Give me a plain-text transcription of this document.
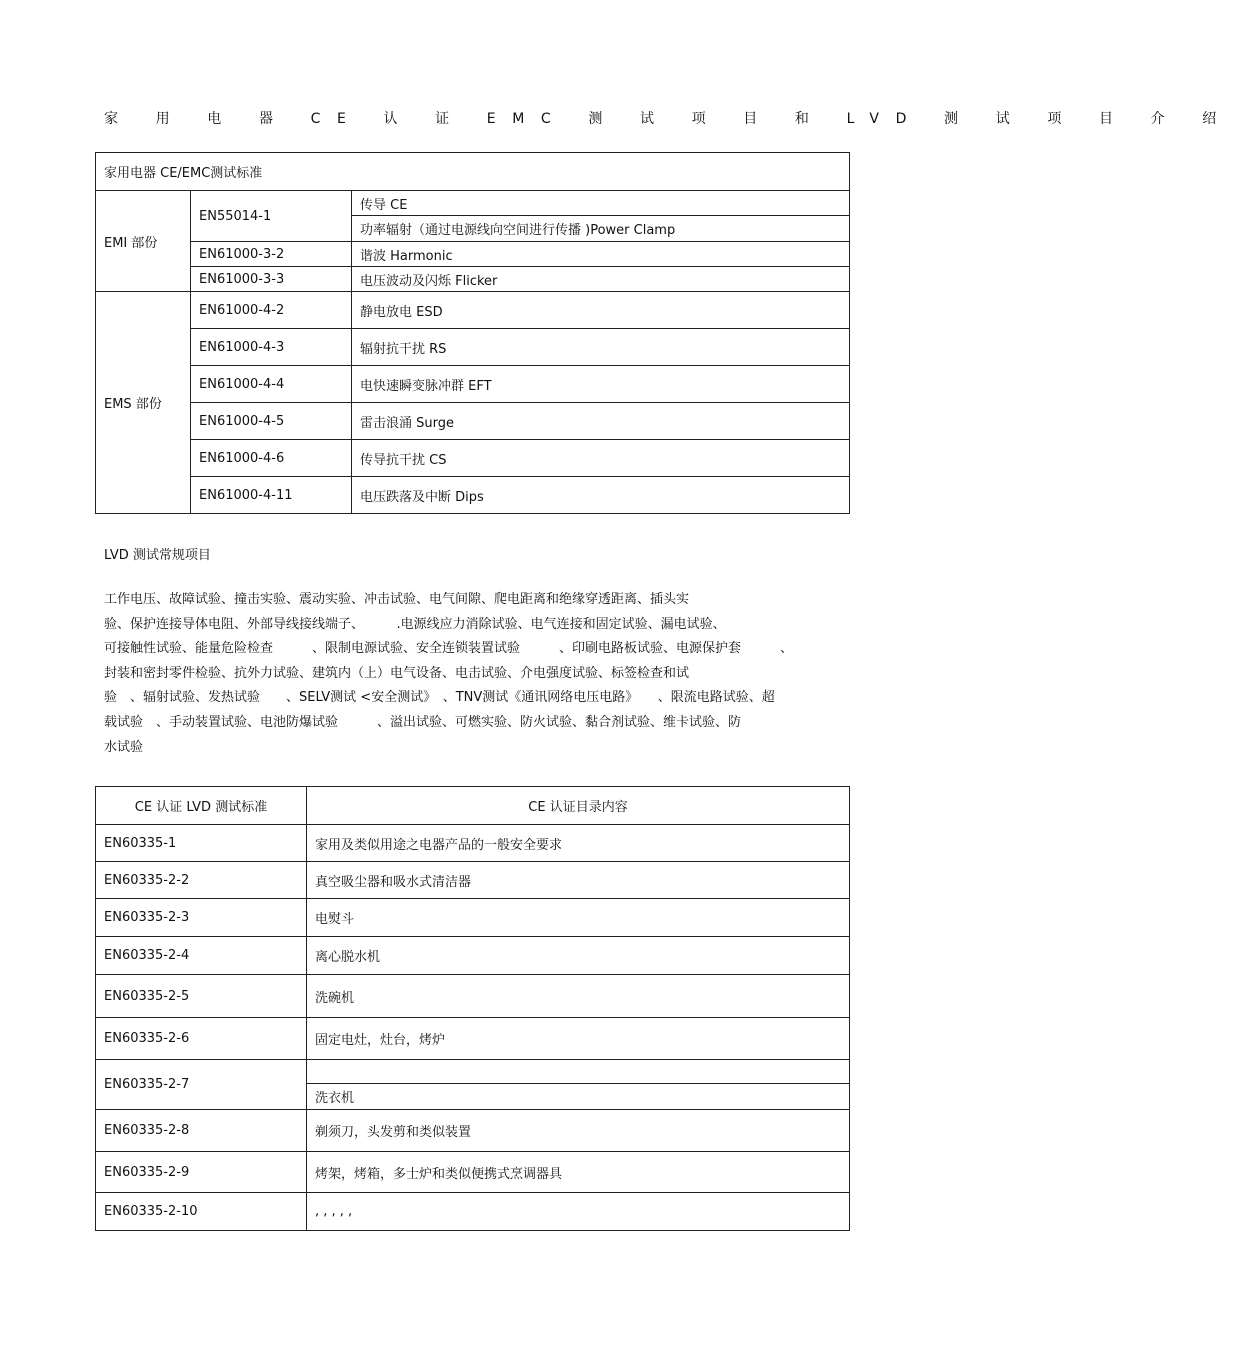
家 用 电 器 CE 认 证 EMC 测 试 项 目 和 LVD 测 试 项 目 介 绍
家用电器 CE/EMC测试标准		
EMI 部份	EN55014-1	传导 CE
		功率辐射（通过电源线向空间进行传播 )Power Clamp
	EN61000-3-2	谐波 Harmonic
	EN61000-3-3	电压波动及闪烁 Flicker
EMS 部份	EN61000-4-2	静电放电 ESD
	EN61000-4-3	辐射抗干扰 RS
	EN61000-4-4	电快速瞬变脉冲群 EFT
	EN61000-4-5	雷击浪涌 Surge
	EN61000-4-6	传导抗干扰 CS
	EN61000-4-11	电压跌落及中断 Dips
LVD 测试常规项目
工作电压、故障试验、撞击实验、震动实验、冲击试验、电气间隙、爬电距离和绝缘穿透距离、插头实
验、保护连接导体电阻、外部导线接线端子、　　　.电源线应力消除试验、电气连接和固定试验、漏电试验、
可接触性试验、能量危险检查　　　、限制电源试验、安全连锁装置试验　　　、印刷电路板试验、电源保护套　　　、
封装和密封零件检验、抗外力试验、建筑内（上）电气设备、电击试验、介电强度试验、标签检查和试
验　、辐射试验、发热试验　　、SELV测试 <安全测试》　、TNV测试《通讯网络电压电路》　　、限流电路试验、超
载试验　、手动装置试验、电池防爆试验　　　、溢出试验、可燃实验、防火试验、黏合剂试验、维卡试验、防
水试验
CE 认证 LVD 测试标准	CE 认证目录内容
EN60335-1	家用及类似用途之电器产品的一般安全要求
EN60335-2-2	真空吸尘器和吸水式清洁器
EN60335-2-3	电熨斗
EN60335-2-4	离心脱水机
EN60335-2-5	洗碗机
EN60335-2-6	固定电灶，灶台，烤炉
EN60335-2-7	
	洗衣机
EN60335-2-8	剃须刀，头发剪和类似装置
EN60335-2-9	烤架，烤箱，多士炉和类似便携式烹调器具
EN60335-2-10	, , , , ,
